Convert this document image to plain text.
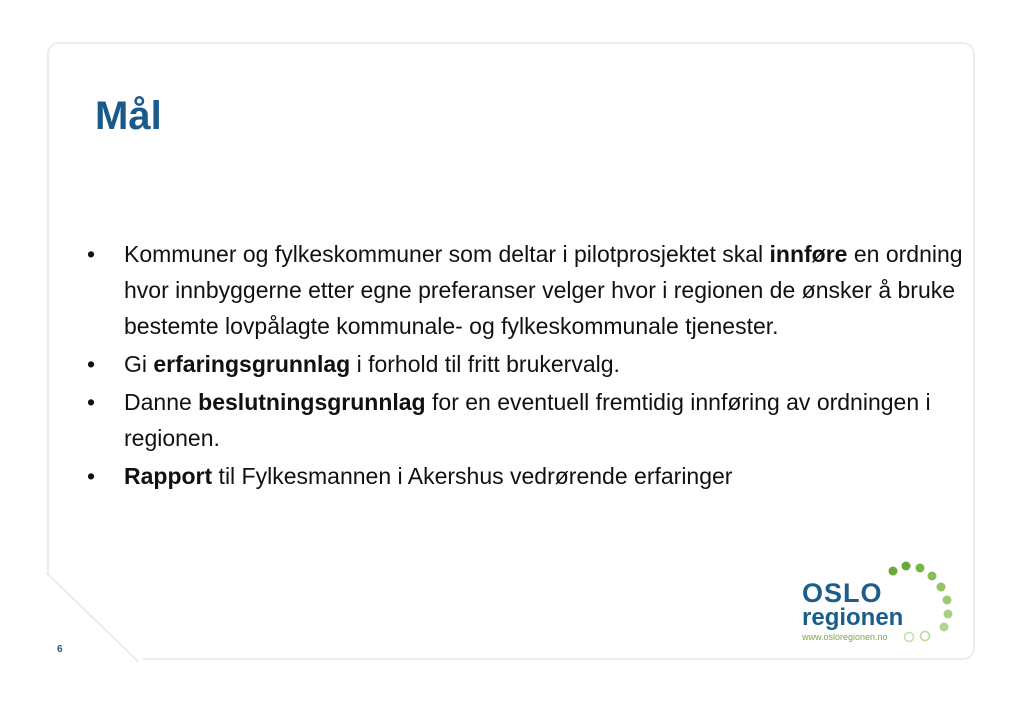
Mål
• Kommuner og fylkeskommuner som deltar i pilotprosjektet skal innføre en ordning hvor innbyggerne etter egne preferanser velger hvor i regionen de ønsker å bruke bestemte lovpålagte kommunale- og fylkeskommunale tjenester.
• Gi erfaringsgrunnlag i forhold til fritt brukervalg.
• Danne beslutningsgrunnlag for en eventuell fremtidig innføring av ordningen i regionen.
• Rapport til Fylkesmannen i Akershus vedrørende erfaringer
6
OSLO
regionen
www.osloregionen.no
